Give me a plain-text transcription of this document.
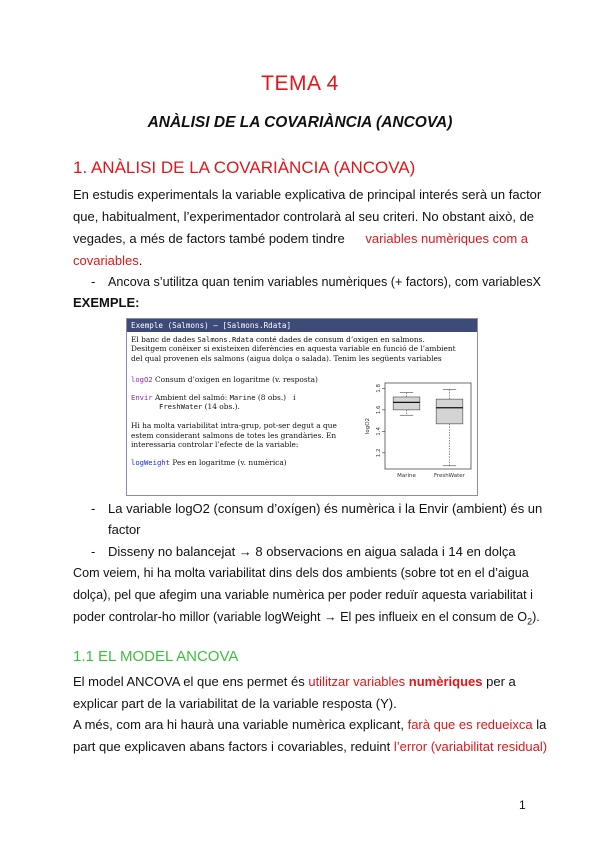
TEMA 4
ANÀLISI DE LA COVARIÀNCIA (ANCOVA)
1. ANÀLISI DE LA COVARIÀNCIA (ANCOVA)
En estudis experimentals la variable explicativa de principal interés serà un factor
que, habitualment, l’experimentador controlarà al seu criteri. No obstant això, de
vegades, a més de factors també podem tindre variables numèriques com a
covariables.
- Ancova s’utilitza quan tenim variables numèriques (+ factors), com variablesX
EXEMPLE:
Exemple (Salmons) — [Salmons.Rdata]
El banc de dades Salmons.Rdata conté dades de consum d’oxigen en salmons.
Desitgem conèixer si existeixen diferències en aquesta variable en funció de l’ambient
del qual provenen els salmons (aigua dolça o salada). Tenim les següents variables
logO2 Consum d’oxigen en logaritme (v. resposta)
Envir Ambient del salmó: Marine (8 obs.) i
FreshWater (14 obs.).
Hi ha molta variabilitat intra-grup, pot-ser degut a que
estem considerant salmons de totes les grandàries. En
interessaria controlar l’efecte de la variable:
logWeight Pes en logaritme (v. numèrica)
1.2
1.4
1.6
1.8
logO2
Marine	FreshWater
- La variable logO2 (consum d’oxígen) és numèrica i la Envir (ambient) és un
factor
- Disseny no balancejat → 8 observacions en aigua salada i 14 en dolça
Com veiem, hi ha molta variabilitat dins dels dos ambients (sobre tot en el d’aigua
dolça), pel que afegim una variable numèrica per poder reduïr aquesta variabilitat i
poder controlar-ho millor (variable logWeight → El pes influeix en el consum de $O_2$).
1.1 EL MODEL ANCOVA
El model ANCOVA el que ens permet és utilitzar variables numèriques per a
explicar part de la variabilitat de la variable resposta (Y).
A més, com ara hi haurà una variable numèrica explicant, farà que es redueixca la
part que explicaven abans factors i covariables, reduint l’error (variabilitat residual)
1
